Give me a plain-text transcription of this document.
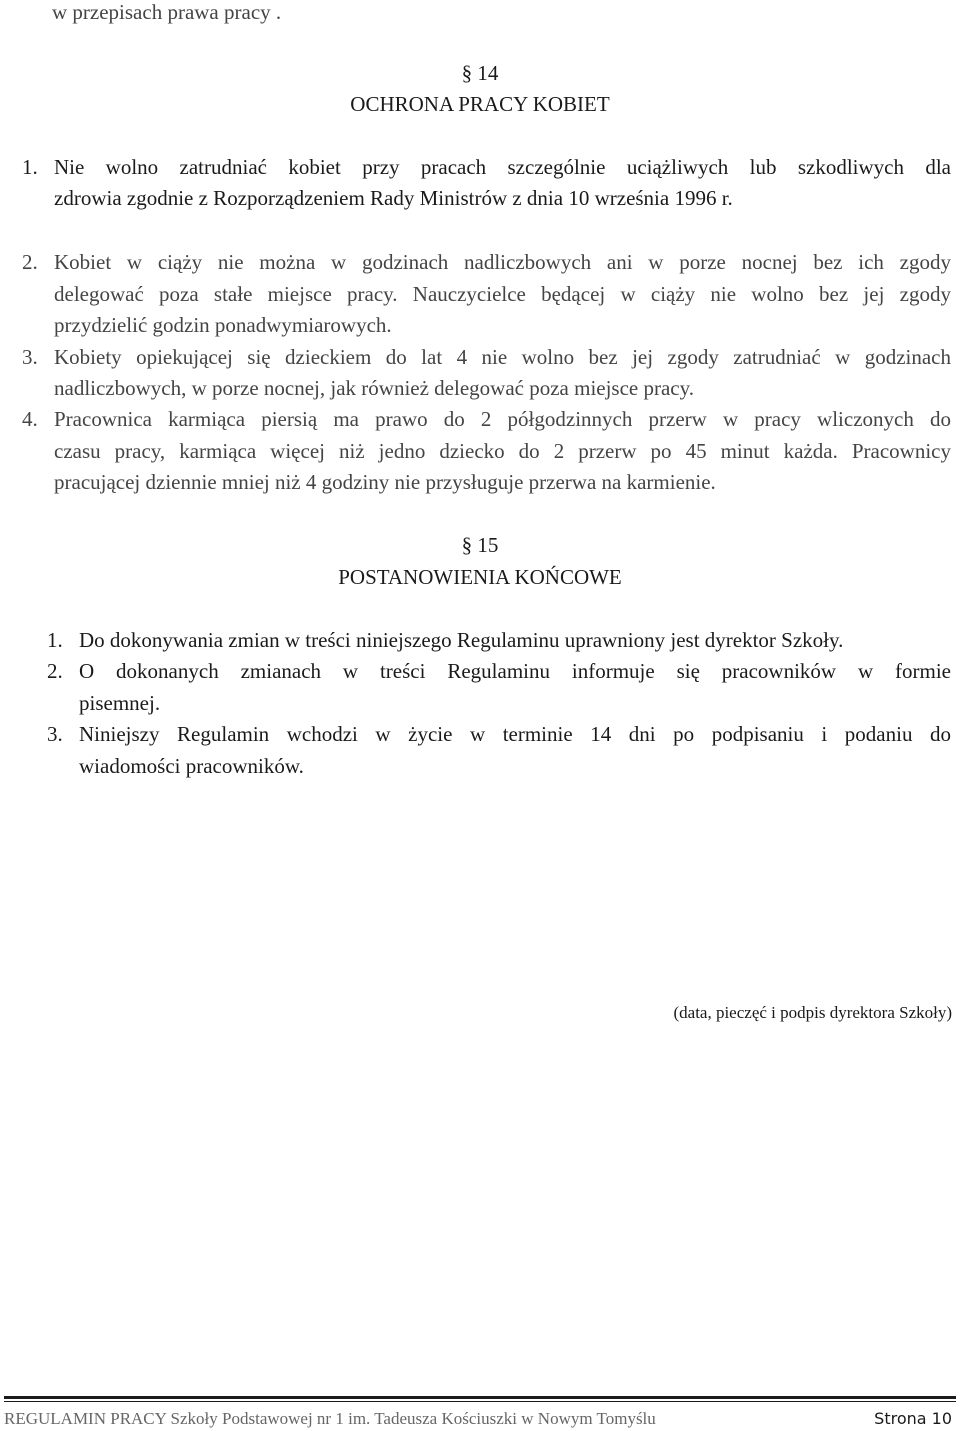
w przepisach prawa pracy .
§ 14
OCHRONA PRACY KOBIET
1. Nie wolno zatrudniać kobiet przy pracach szczególnie uciążliwych lub szkodliwych dla
zdrowia zgodnie z Rozporządzeniem Rady Ministrów z dnia 10 września 1996 r.
2. Kobiet w ciąży nie można w godzinach nadliczbowych ani w porze nocnej bez ich zgody
delegować poza stałe miejsce pracy. Nauczycielce będącej w ciąży nie wolno bez jej zgody
przydzielić godzin ponadwymiarowych.
3. Kobiety opiekującej się dzieckiem do lat 4 nie wolno bez jej zgody zatrudniać w godzinach
nadliczbowych, w porze nocnej, jak również delegować poza miejsce pracy.
4. Pracownica karmiąca piersią ma prawo do 2 półgodzinnych przerw w pracy wliczonych do
czasu pracy, karmiąca więcej niż jedno dziecko do 2 przerw po 45 minut każda. Pracownicy
pracującej dziennie mniej niż 4 godziny nie przysługuje przerwa na karmienie.
§ 15
POSTANOWIENIA KOŃCOWE
1. Do dokonywania zmian w treści niniejszego Regulaminu uprawniony jest dyrektor Szkoły.
2. O dokonanych zmianach w treści Regulaminu informuje się pracowników w formie
pisemnej.
3. Niniejszy Regulamin wchodzi w życie w terminie 14 dni po podpisaniu i podaniu do
wiadomości pracowników.
(data, pieczęć i podpis dyrektora Szkoły)
REGULAMIN PRACY Szkoły Podstawowej nr 1 im. Tadeusza Kościuszki w Nowym Tomyślu	Strona 10
